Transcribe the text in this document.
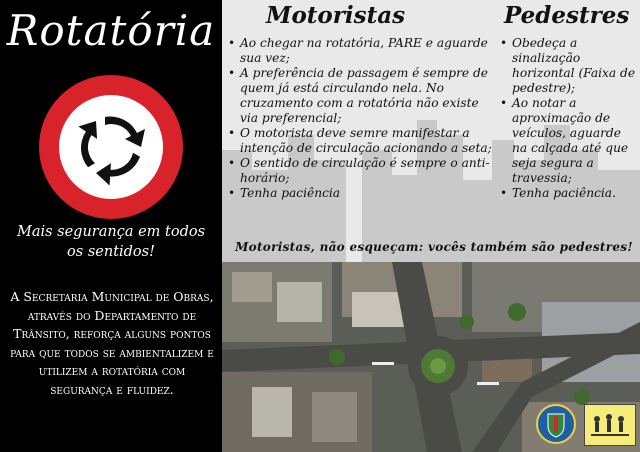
Rotatória
Mais segurança em todos os sentidos!
A Secretaria Municipal de Obras, através do Departamento de Trânsito, reforça alguns pontos para que todos se ambientalizem e utilizem a rotatória com segurança e fluidez.
Motoristas
• Ao chegar na rotatória, PARE e aguarde sua vez;
• A preferência de passagem é sempre de quem já está circulando nela. No cruzamento com a rotatória não existe via preferencial;
• O motorista deve semre manifestar a intenção de circulação acionando a seta;
• O sentido de circulação é sempre o anti-horário;
• Tenha paciência
Pedestres
• Obedeça a sinalização horizontal (Faixa de pedestre);
• Ao notar a aproximação de veículos, aguarde na calçada até que seja segura a travessia;
• Tenha paciência.
Motoristas, não esqueçam: vocês também são pedestres!
